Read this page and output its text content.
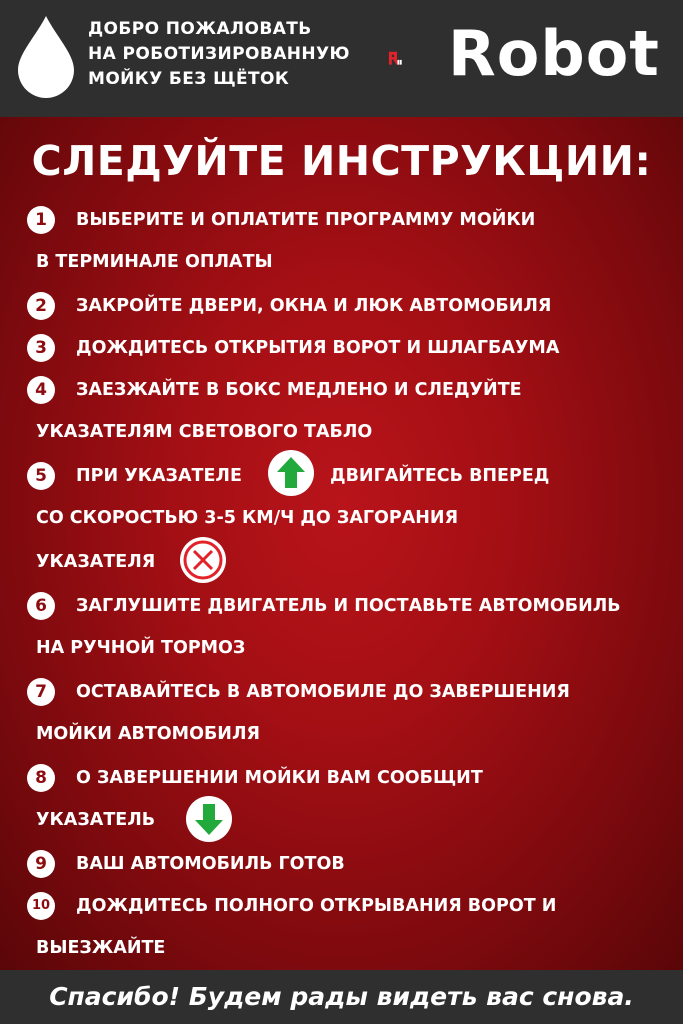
ДОБРО ПОЖАЛОВАТЬ
НА РОБОТИЗИРОВАННУЮ
МОЙКУ БЕЗ ЩЁТОК	Robot
СЛЕДУЙТЕ ИНСТРУКЦИИ:
1	ВЫБЕРИТЕ И ОПЛАТИТЕ ПРОГРАММУ МОЙКИ
В ТЕРМИНАЛЕ ОПЛАТЫ
2	ЗАКРОЙТЕ ДВЕРИ, ОКНА И ЛЮК АВТОМОБИЛЯ
3	ДОЖДИТЕСЬ ОТКРЫТИЯ ВОРОТ И ШЛАГБАУМА
4	ЗАЕЗЖАЙТЕ В БОКС МЕДЛЕНО И СЛЕДУЙТЕ
УКАЗАТЕЛЯМ СВЕТОВОГО ТАБЛО
5	ПРИ УКАЗАТЕЛЕ	ДВИГАЙТЕСЬ ВПЕРЕД
СО СКОРОСТЬЮ 3-5 КМ/Ч ДО ЗАГОРАНИЯ
УКАЗАТЕЛЯ
6	ЗАГЛУШИТЕ ДВИГАТЕЛЬ И ПОСТАВЬТЕ АВТОМОБИЛЬ
НА РУЧНОЙ ТОРМОЗ
7	ОСТАВАЙТЕСЬ В АВТОМОБИЛЕ ДО ЗАВЕРШЕНИЯ
МОЙКИ АВТОМОБИЛЯ
8	О ЗАВЕРШЕНИИ МОЙКИ ВАМ СООБЩИТ
УКАЗАТЕЛЬ
9	ВАШ АВТОМОБИЛЬ ГОТОВ
10 ДОЖДИТЕСЬ ПОЛНОГО ОТКРЫВАНИЯ ВОРОТ И
ВЫЕЗЖАЙТЕ
Спасибо! Будем рады видеть вас снова.
